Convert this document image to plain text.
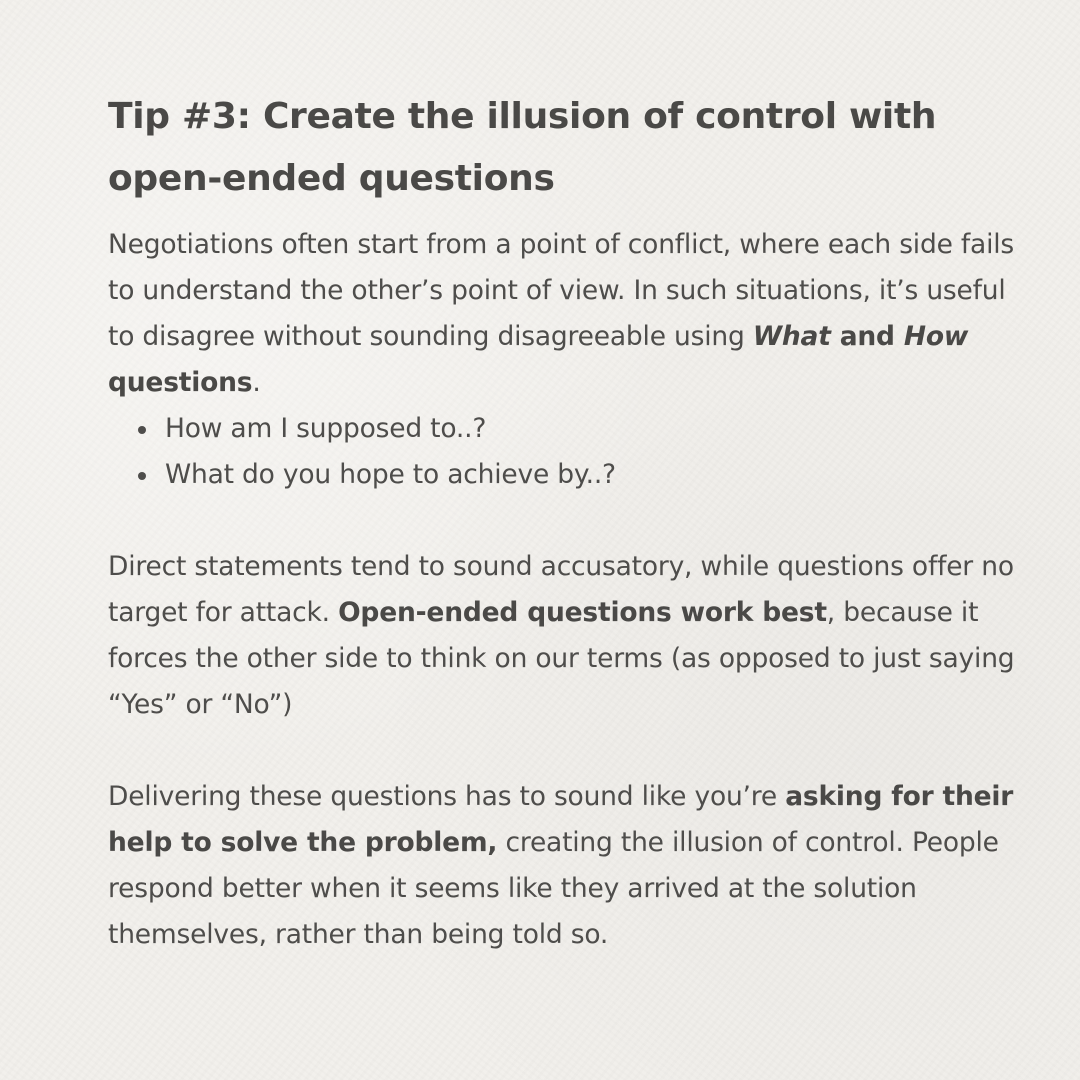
Tip #3: Create the illusion of control with open-ended questions

Negotiations often start from a point of conflict, where each side fails to understand the other’s point of view. In such situations, it’s useful to disagree without sounding disagreeable using What and How questions.

How am I supposed to..?
What do you hope to achieve by..?

Direct statements tend to sound accusatory, while questions offer no target for attack. Open-ended questions work best, because it forces the other side to think on our terms (as opposed to just saying “Yes” or “No”)

Delivering these questions has to sound like you’re asking for their help to solve the problem, creating the illusion of control. People respond better when it seems like they arrived at the solution themselves, rather than being told so.
